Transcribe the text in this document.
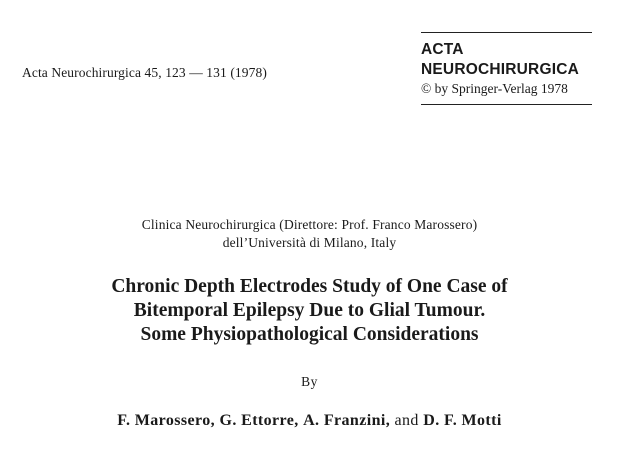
Acta Neurochirurgica 45, 123 — 131 (1978)
ACTA
NEUROCHIRURGICA
© by Springer-Verlag 1978
Clinica Neurochirurgica (Direttore: Prof. Franco Marossero)
dell’Università di Milano, Italy
Chronic Depth Electrodes Study of One Case of
Bitemporal Epilepsy Due to Glial Tumour.
Some Physiopathological Considerations
By
F. Marossero, G. Ettorre, A. Franzini, and D. F. Motti
